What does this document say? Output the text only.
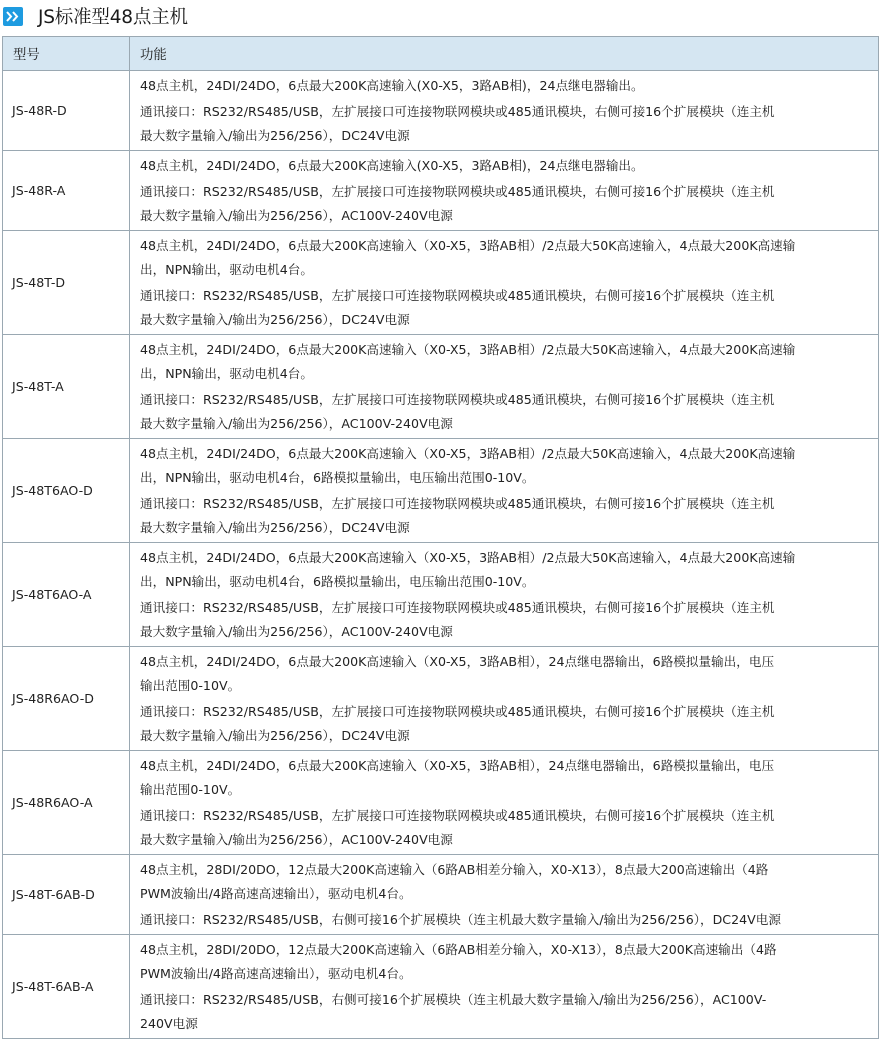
JS标准型48点主机
型号	功能
JS-48R-D	48点主机，24DI/24DO，6点最大200K高速输入(X0-X5，3路AB相)，24点继电器输出。

通讯接口：RS232/RS485/USB，左扩展接口可连接物联网模块或485通讯模块，右侧可接16个扩展模块（连主机
最大数字量输入/输出为256/256），DC24V电源

JS-48R-A	48点主机，24DI/24DO，6点最大200K高速输入(X0-X5，3路AB相)，24点继电器输出。

通讯接口：RS232/RS485/USB，左扩展接口可连接物联网模块或485通讯模块，右侧可接16个扩展模块（连主机
最大数字量输入/输出为256/256），AC100V-240V电源

JS-48T-D	48点主机，24DI/24DO，6点最大200K高速输入（X0-X5，3路AB相）/2点最大50K高速输入，4点最大200K高速输
出，NPN输出，驱动电机4台。

通讯接口：RS232/RS485/USB，左扩展接口可连接物联网模块或485通讯模块，右侧可接16个扩展模块（连主机
最大数字量输入/输出为256/256），DC24V电源

JS-48T-A	48点主机，24DI/24DO，6点最大200K高速输入（X0-X5，3路AB相）/2点最大50K高速输入，4点最大200K高速输
出，NPN输出，驱动电机4台。

通讯接口：RS232/RS485/USB，左扩展接口可连接物联网模块或485通讯模块，右侧可接16个扩展模块（连主机
最大数字量输入/输出为256/256），AC100V-240V电源

JS-48T6AO-D	48点主机，24DI/24DO，6点最大200K高速输入（X0-X5，3路AB相）/2点最大50K高速输入，4点最大200K高速输
出，NPN输出，驱动电机4台，6路模拟量输出，电压输出范围0-10V。

通讯接口：RS232/RS485/USB，左扩展接口可连接物联网模块或485通讯模块，右侧可接16个扩展模块（连主机
最大数字量输入/输出为256/256），DC24V电源

JS-48T6AO-A	48点主机，24DI/24DO，6点最大200K高速输入（X0-X5，3路AB相）/2点最大50K高速输入，4点最大200K高速输
出，NPN输出，驱动电机4台，6路模拟量输出，电压输出范围0-10V。

通讯接口：RS232/RS485/USB，左扩展接口可连接物联网模块或485通讯模块，右侧可接16个扩展模块（连主机
最大数字量输入/输出为256/256），AC100V-240V电源

JS-48R6AO-D	48点主机，24DI/24DO，6点最大200K高速输入（X0-X5，3路AB相），24点继电器输出，6路模拟量输出，电压
输出范围0-10V。

通讯接口：RS232/RS485/USB，左扩展接口可连接物联网模块或485通讯模块，右侧可接16个扩展模块（连主机
最大数字量输入/输出为256/256），DC24V电源

JS-48R6AO-A	48点主机，24DI/24DO，6点最大200K高速输入（X0-X5，3路AB相），24点继电器输出，6路模拟量输出，电压
输出范围0-10V。

通讯接口：RS232/RS485/USB，左扩展接口可连接物联网模块或485通讯模块，右侧可接16个扩展模块（连主机
最大数字量输入/输出为256/256），AC100V-240V电源

JS-48T-6AB-D	48点主机，28DI/20DO，12点最大200K高速输入（6路AB相差分输入，X0-X13），8点最大200高速输出（4路
PWM波输出/4路高速高速输出），驱动电机4台。

通讯接口：RS232/RS485/USB，右侧可接16个扩展模块（连主机最大数字量输入/输出为256/256），DC24V电源

JS-48T-6AB-A	48点主机，28DI/20DO，12点最大200K高速输入（6路AB相差分输入，X0-X13），8点最大200K高速输出（4路
PWM波输出/4路高速高速输出），驱动电机4台。

通讯接口：RS232/RS485/USB，右侧可接16个扩展模块（连主机最大数字量输入/输出为256/256），AC100V-
240V电源
